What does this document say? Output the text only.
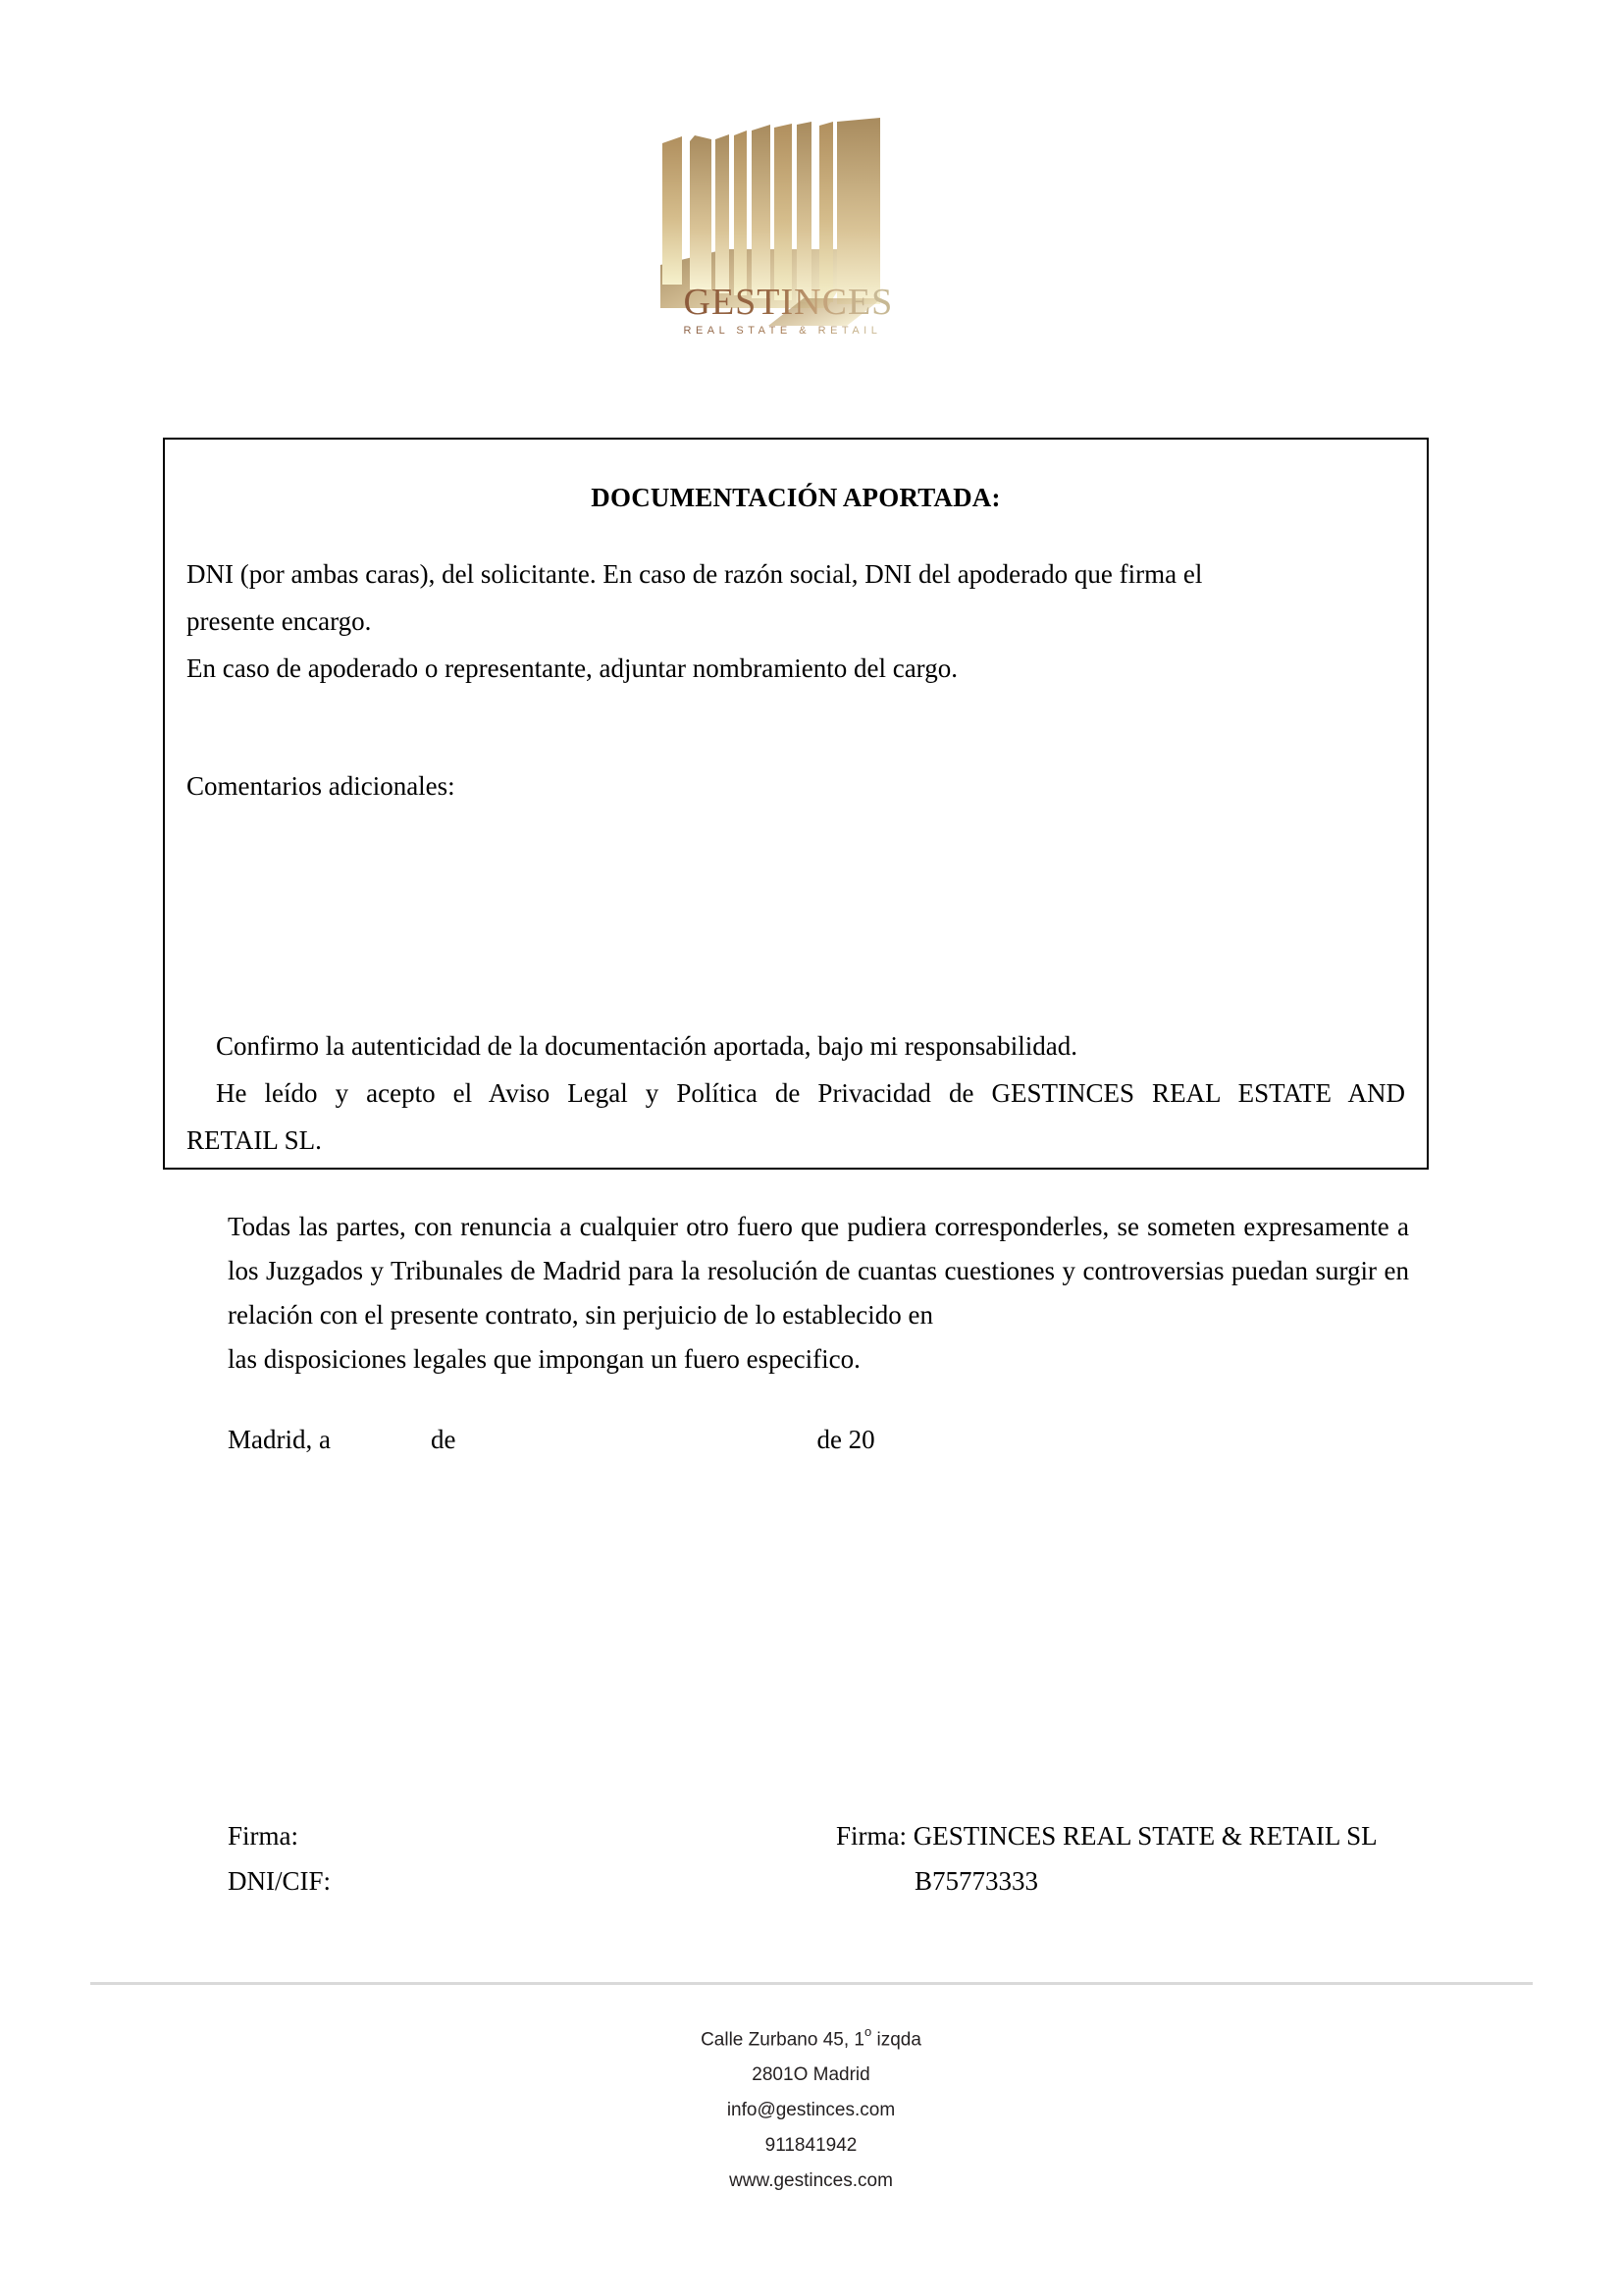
GESTINCES
REAL STATE & RETAIL
DOCUMENTACIÓN APORTADA:
DNI (por ambas caras), del solicitante. En caso de razón social, DNI del apoderado que firma el
presente encargo.
En caso de apoderado o representante, adjuntar nombramiento del cargo.
Comentarios adicionales:
Confirmo la autenticidad de la documentación aportada, bajo mi responsabilidad.
He leído y acepto el Aviso Legal y Política de Privacidad de GESTINCES REAL ESTATE AND
RETAIL SL.
Todas las partes, con renuncia a cualquier otro fuero que pudiera corresponderles, se someten expresamente a los Juzgados y Tribunales de Madrid para la resolución de cuantas cuestiones y controversias puedan surgir en relación con el presente contrato, sin perjuicio de lo establecido en
las disposiciones legales que impongan un fuero especifico.
Madrid, a	de	de 20
Firma:	Firma: GESTINCES REAL STATE & RETAIL SL
DNI/CIF:	B75773333
Calle Zurbano 45, 1$^o$ izqda
2801O Madrid
info@gestinces.com
911841942
www.gestinces.com
